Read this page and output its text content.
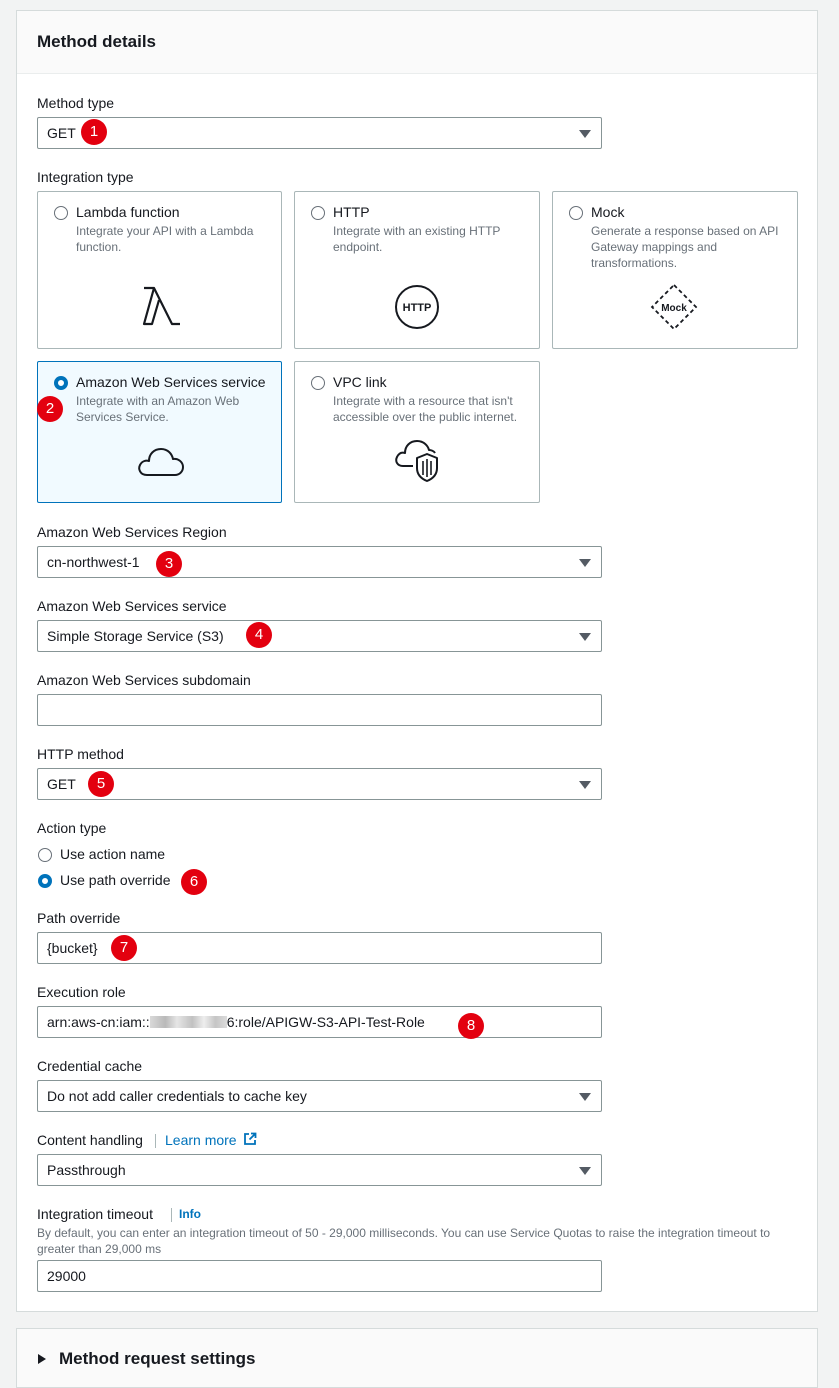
Method details
Method type
GET 1
Integration type
Lambda function
Integrate your API with a Lambda function.
HTTP
Integrate with an existing HTTP endpoint.
HTTP
Mock
Generate a response based on API Gateway mappings and transformations.
Mock
Amazon Web Services service
Integrate with an Amazon Web Services Service.
2
VPC link
Integrate with a resource that isn't accessible over the public internet.
Amazon Web Services Region
cn-northwest-1	3
Amazon Web Services service
Simple Storage Service (S3)	4
Amazon Web Services subdomain
HTTP method
GET	5
Action type
Use action name
Use path override	6
Path override
{bucket}	7
Execution role
arn:aws-cn:iam::	6:role/APIGW-S3-API-Test-Role	8
Credential cache
Do not add caller credentials to cache key
Content handling Learn more
Passthrough
Integration timeout Info
By default, you can enter an integration timeout of 50 - 29,000 milliseconds. You can use Service Quotas to raise the integration timeout to greater than 29,000 ms
29000
Method request settings
